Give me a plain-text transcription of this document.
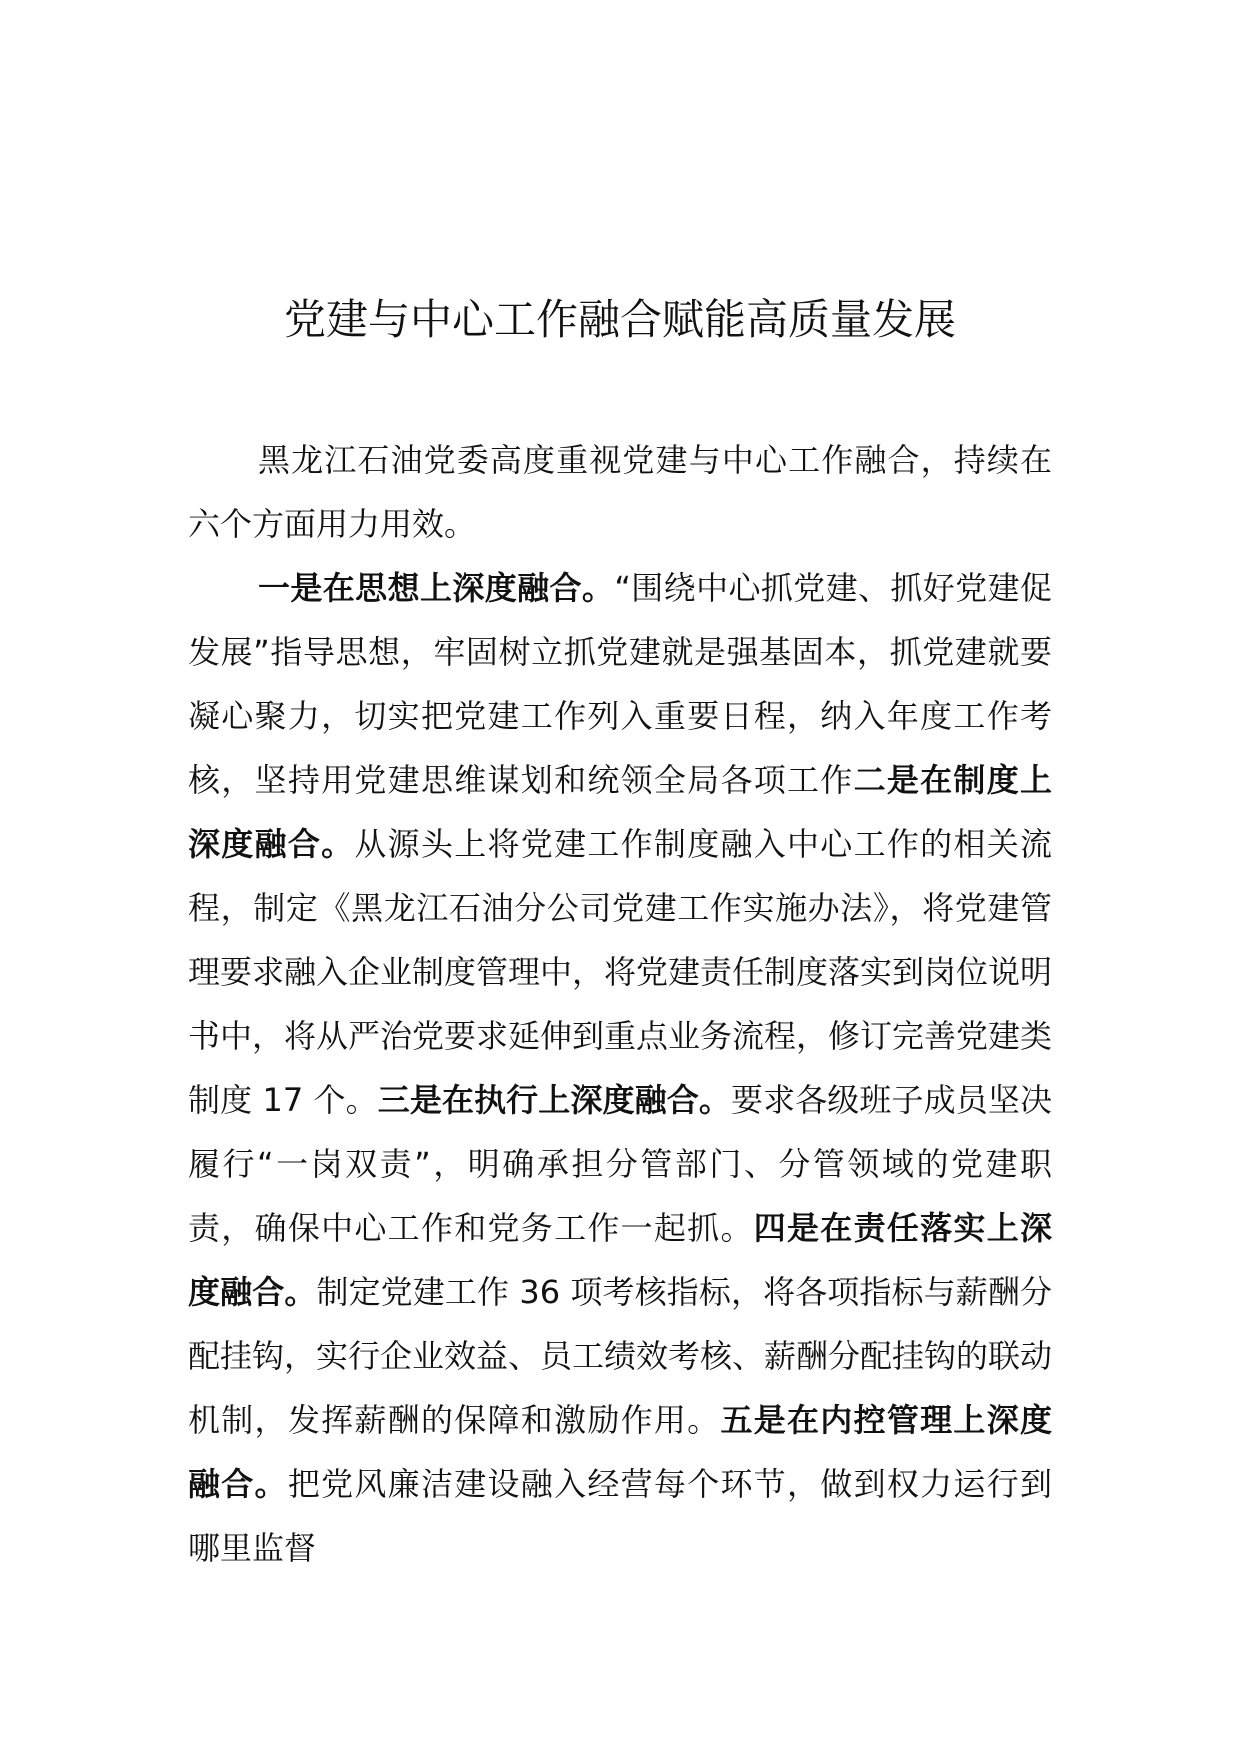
党建与中心工作融合赋能高质量发展

黑龙江石油党委高度重视党建与中心工作融合，持续在六个方面用力用效。

一是在思想上深度融合。“围绕中心抓党建、抓好党建促发展”指导思想，牢固树立抓党建就是强基固本，抓党建就要凝心聚力，切实把党建工作列入重要日程，纳入年度工作考核，坚持用党建思维谋划和统领全局各项工作二是在制度上深度融合。从源头上将党建工作制度融入中心工作的相关流程，制定《黑龙江石油分公司党建工作实施办法》，将党建管理要求融入企业制度管理中，将党建责任制度落实到岗位说明书中，将从严治党要求延伸到重点业务流程，修订完善党建类制度 17 个。三是在执行上深度融合。要求各级班子成员坚决履行“一岗双责”，明确承担分管部门、分管领域的党建职责，确保中心工作和党务工作一起抓。四是在责任落实上深度融合。制定党建工作 36 项考核指标，将各项指标与薪酬分配挂钩，实行企业效益、员工绩效考核、薪酬分配挂钩的联动机制，发挥薪酬的保障和激励作用。五是在内控管理上深度融合。把党风廉洁建设融入经营每个环节，做到权力运行到哪里监督
